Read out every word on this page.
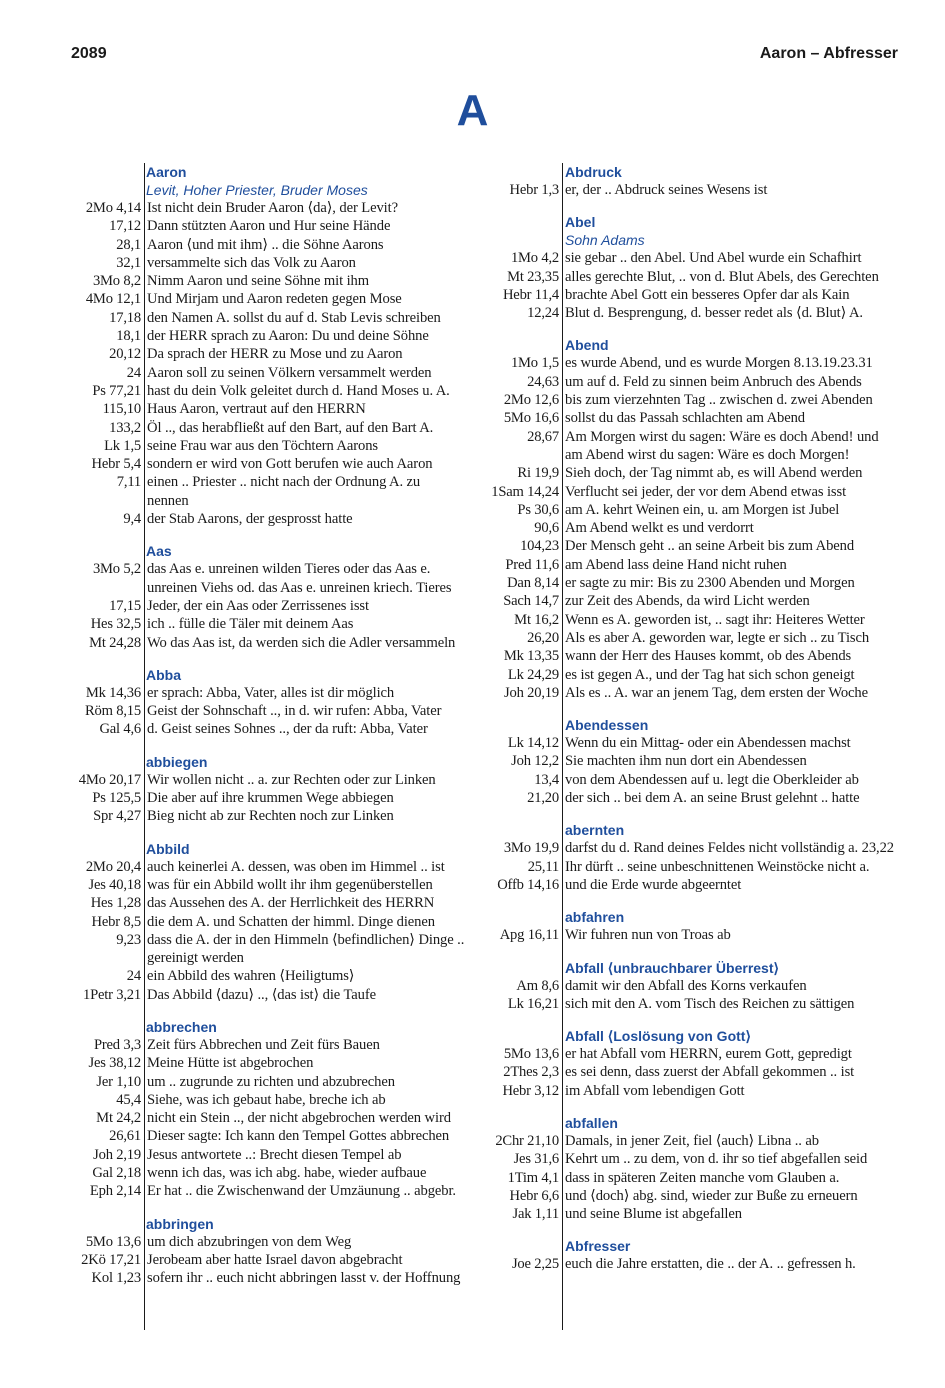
2089	Aaron – Abfresser
A
Aaron
Levit, Hoher Priester, Bruder Moses
2Mo 4,14 Ist nicht dein Bruder Aaron ⟨da⟩, der Levit?
17,12 Dann stützten Aaron und Hur seine Hände
28,1 Aaron ⟨und mit ihm⟩ .. die Söhne Aarons
32,1 versammelte sich das Volk zu Aaron
3Mo 8,2 Nimm Aaron und seine Söhne mit ihm
4Mo 12,1 Und Mirjam und Aaron redeten gegen Mose
17,18 den Namen A. sollst du auf d. Stab Levis schreiben
18,1 der HERR sprach zu Aaron: Du und deine Söhne
20,12 Da sprach der HERR zu Mose und zu Aaron
24 Aaron soll zu seinen Völkern versammelt werden
Ps 77,21 hast du dein Volk geleitet durch d. Hand Moses u. A.
115,10 Haus Aaron, vertraut auf den HERRN
133,2 Öl .., das herabfließt auf den Bart, auf den Bart A.
Lk 1,5 seine Frau war aus den Töchtern Aarons
Hebr 5,4 sondern er wird von Gott berufen wie auch Aaron
7,11 einen .. Priester .. nicht nach der Ordnung A. zu
nennen
9,4 der Stab Aarons, der gesprosst hatte
Aas
3Mo 5,2 das Aas e. unreinen wilden Tieres oder das Aas e.
unreinen Viehs od. das Aas e. unreinen kriech. Tieres
17,15 Jeder, der ein Aas oder Zerrissenes isst
Hes 32,5 ich .. fülle die Täler mit deinem Aas
Mt 24,28 Wo das Aas ist, da werden sich die Adler versammeln
Abba
Mk 14,36 er sprach: Abba, Vater, alles ist dir möglich
Röm 8,15 Geist der Sohnschaft .., in d. wir rufen: Abba, Vater
Gal 4,6 d. Geist seines Sohnes .., der da ruft: Abba, Vater
abbiegen
4Mo 20,17 Wir wollen nicht .. a. zur Rechten oder zur Linken
Ps 125,5 Die aber auf ihre krummen Wege abbiegen
Spr 4,27 Bieg nicht ab zur Rechten noch zur Linken
Abbild
2Mo 20,4 auch keinerlei A. dessen, was oben im Himmel .. ist
Jes 40,18 was für ein Abbild wollt ihr ihm gegenüberstellen
Hes 1,28 das Aussehen des A. der Herrlichkeit des HERRN
Hebr 8,5 die dem A. und Schatten der himml. Dinge dienen
9,23 dass die A. der in den Himmeln ⟨befindlichen⟩ Dinge ..
gereinigt werden
24 ein Abbild des wahren ⟨Heiligtums⟩
1Petr 3,21 Das Abbild ⟨dazu⟩ .., ⟨das ist⟩ die Taufe
abbrechen
Pred 3,3 Zeit fürs Abbrechen und Zeit fürs Bauen
Jes 38,12 Meine Hütte ist abgebrochen
Jer 1,10 um .. zugrunde zu richten und abzubrechen
45,4 Siehe, was ich gebaut habe, breche ich ab
Mt 24,2 nicht ein Stein .., der nicht abgebrochen werden wird
26,61 Dieser sagte: Ich kann den Tempel Gottes abbrechen
Joh 2,19 Jesus antwortete ..: Brecht diesen Tempel ab
Gal 2,18 wenn ich das, was ich abg. habe, wieder aufbaue
Eph 2,14 Er hat .. die Zwischenwand der Umzäunung .. abgebr.
abbringen
5Mo 13,6 um dich abzubringen von dem Weg
2Kö 17,21 Jerobeam aber hatte Israel davon abgebracht
Kol 1,23 sofern ihr .. euch nicht abbringen lasst v. der Hoffnung
Abdruck
Hebr 1,3 er, der .. Abdruck seines Wesens ist
Abel
Sohn Adams
1Mo 4,2 sie gebar .. den Abel. Und Abel wurde ein Schafhirt
Mt 23,35 alles gerechte Blut, .. von d. Blut Abels, des Gerechten
Hebr 11,4 brachte Abel Gott ein besseres Opfer dar als Kain
12,24 Blut d. Besprengung, d. besser redet als ⟨d. Blut⟩ A.
Abend
1Mo 1,5 es wurde Abend, und es wurde Morgen 8.13.19.23.31
24,63 um auf d. Feld zu sinnen beim Anbruch des Abends
2Mo 12,6 bis zum vierzehnten Tag .. zwischen d. zwei Abenden
5Mo 16,6 sollst du das Passah schlachten am Abend
28,67 Am Morgen wirst du sagen: Wäre es doch Abend! und
am Abend wirst du sagen: Wäre es doch Morgen!
Ri 19,9 Sieh doch, der Tag nimmt ab, es will Abend werden
1Sam 14,24 Verflucht sei jeder, der vor dem Abend etwas isst
Ps 30,6 am A. kehrt Weinen ein, u. am Morgen ist Jubel
90,6 Am Abend welkt es und verdorrt
104,23 Der Mensch geht .. an seine Arbeit bis zum Abend
Pred 11,6 am Abend lass deine Hand nicht ruhen
Dan 8,14 er sagte zu mir: Bis zu 2300 Abenden und Morgen
Sach 14,7 zur Zeit des Abends, da wird Licht werden
Mt 16,2 Wenn es A. geworden ist, .. sagt ihr: Heiteres Wetter
26,20 Als es aber A. geworden war, legte er sich .. zu Tisch
Mk 13,35 wann der Herr des Hauses kommt, ob des Abends
Lk 24,29 es ist gegen A., und der Tag hat sich schon geneigt
Joh 20,19 Als es .. A. war an jenem Tag, dem ersten der Woche
Abendessen
Lk 14,12 Wenn du ein Mittag- oder ein Abendessen machst
Joh 12,2 Sie machten ihm nun dort ein Abendessen
13,4 von dem Abendessen auf u. legt die Oberkleider ab
21,20 der sich .. bei dem A. an seine Brust gelehnt .. hatte
abernten
3Mo 19,9 darfst du d. Rand deines Feldes nicht vollständig a. 23,22
25,11 Ihr dürft .. seine unbeschnittenen Weinstöcke nicht a.
Offb 14,16 und die Erde wurde abgeerntet
abfahren
Apg 16,11 Wir fuhren nun von Troas ab
Abfall ⟨unbrauchbarer Überrest⟩
Am 8,6 damit wir den Abfall des Korns verkaufen
Lk 16,21 sich mit den A. vom Tisch des Reichen zu sättigen
Abfall ⟨Loslösung von Gott⟩
5Mo 13,6 er hat Abfall vom HERRN, eurem Gott, gepredigt
2Thes 2,3 es sei denn, dass zuerst der Abfall gekommen .. ist
Hebr 3,12 im Abfall vom lebendigen Gott
abfallen
2Chr 21,10 Damals, in jener Zeit, fiel ⟨auch⟩ Libna .. ab
Jes 31,6 Kehrt um .. zu dem, von d. ihr so tief abgefallen seid
1Tim 4,1 dass in späteren Zeiten manche vom Glauben a.
Hebr 6,6 und ⟨doch⟩ abg. sind, wieder zur Buße zu erneuern
Jak 1,11 und seine Blume ist abgefallen
Abfresser
Joe 2,25 euch die Jahre erstatten, die .. der A. .. gefressen h.
